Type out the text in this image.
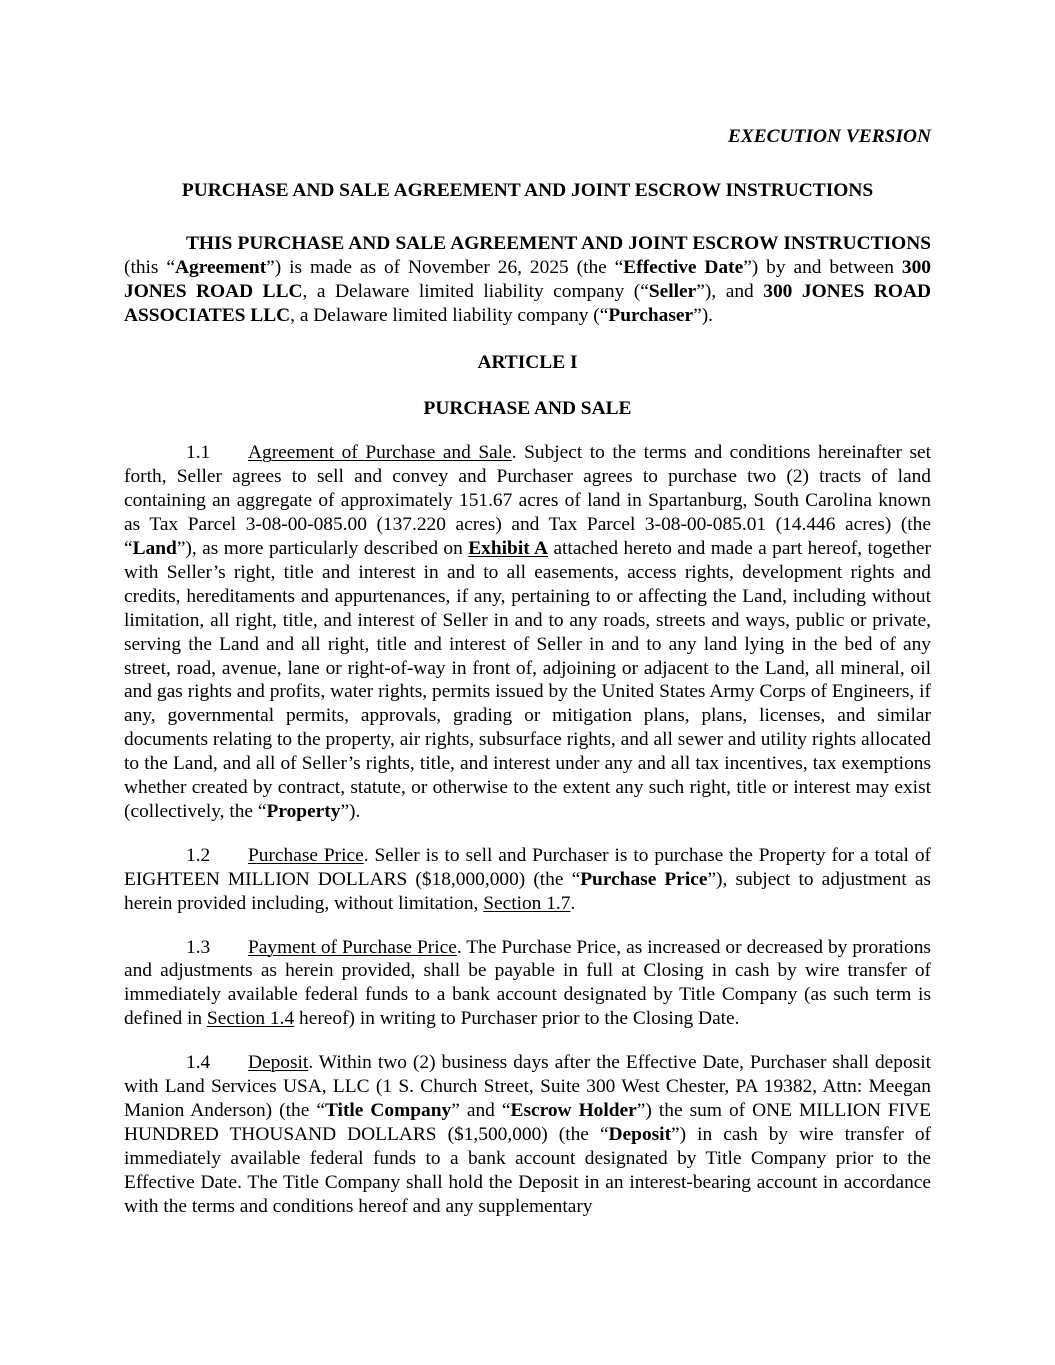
EXECUTION VERSION

PURCHASE AND SALE AGREEMENT AND JOINT ESCROW INSTRUCTIONS

THIS PURCHASE AND SALE AGREEMENT AND JOINT ESCROW INSTRUCTIONS (this “Agreement”) is made as of November 26, 2025 (the “Effective Date”) by and between 300 JONES ROAD LLC, a Delaware limited liability company (“Seller”), and 300 JONES ROAD ASSOCIATES LLC, a Delaware limited liability company (“Purchaser”).

ARTICLE I

PURCHASE AND SALE

1.1 Agreement of Purchase and Sale. Subject to the terms and conditions hereinafter set forth, Seller agrees to sell and convey and Purchaser agrees to purchase two (2) tracts of land containing an aggregate of approximately 151.67 acres of land in Spartanburg, South Carolina known as Tax Parcel 3-08-00-085.00 (137.220 acres) and Tax Parcel 3-08-00-085.01 (14.446 acres) (the “Land”), as more particularly described on Exhibit A attached hereto and made a part hereof, together with Seller’s right, title and interest in and to all easements, access rights, development rights and credits, hereditaments and appurtenances, if any, pertaining to or affecting the Land, including without limitation, all right, title, and interest of Seller in and to any roads, streets and ways, public or private, serving the Land and all right, title and interest of Seller in and to any land lying in the bed of any street, road, avenue, lane or right-of-way in front of, adjoining or adjacent to the Land, all mineral, oil and gas rights and profits, water rights, permits issued by the United States Army Corps of Engineers, if any, governmental permits, approvals, grading or mitigation plans, plans, licenses, and similar documents relating to the property, air rights, subsurface rights, and all sewer and utility rights allocated to the Land, and all of Seller’s rights, title, and interest under any and all tax incentives, tax exemptions whether created by contract, statute, or otherwise to the extent any such right, title or interest may exist (collectively, the “Property”).

1.2 Purchase Price. Seller is to sell and Purchaser is to purchase the Property for a total of EIGHTEEN MILLION DOLLARS ($18,000,000) (the “Purchase Price”), subject to adjustment as herein provided including, without limitation, Section 1.7.

1.3 Payment of Purchase Price. The Purchase Price, as increased or decreased by prorations and adjustments as herein provided, shall be payable in full at Closing in cash by wire transfer of immediately available federal funds to a bank account designated by Title Company (as such term is defined in Section 1.4 hereof) in writing to Purchaser prior to the Closing Date.

1.4 Deposit. Within two (2) business days after the Effective Date, Purchaser shall deposit with Land Services USA, LLC (1 S. Church Street, Suite 300 West Chester, PA 19382, Attn: Meegan Manion Anderson) (the “Title Company” and “Escrow Holder”) the sum of ONE MILLION FIVE HUNDRED THOUSAND DOLLARS ($1,500,000) (the “Deposit”) in cash by wire transfer of immediately available federal funds to a bank account designated by Title Company prior to the Effective Date. The Title Company shall hold the Deposit in an interest-bearing account in accordance with the terms and conditions hereof and any supplementary
